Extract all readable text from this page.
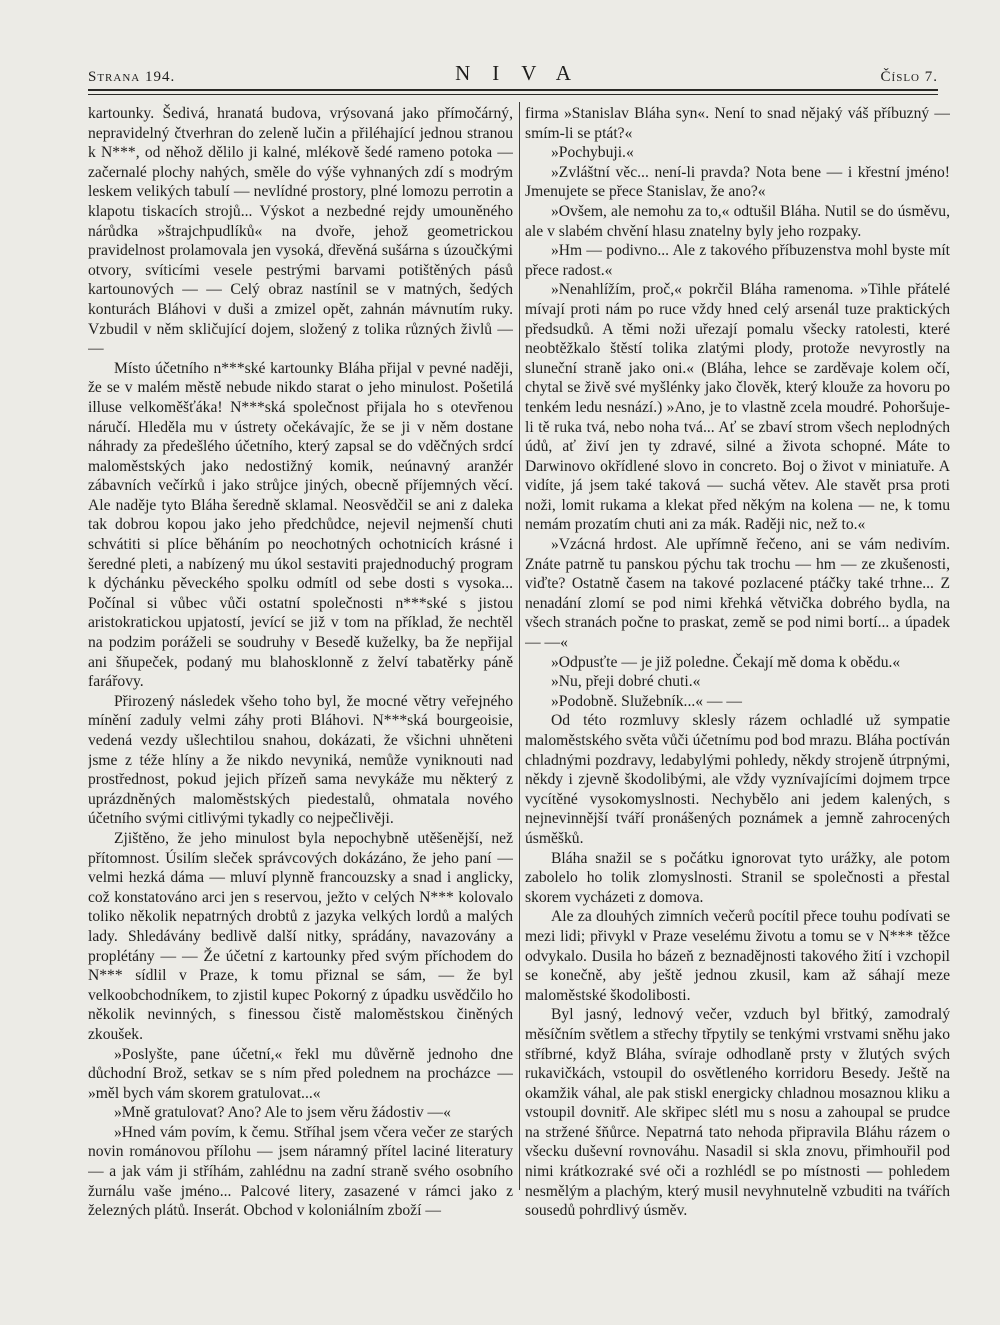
Strana 194.	NIVA	Číslo 7.

kartounky. Šedivá, hranatá budova, vrýsovaná jako přímočárný, nepravidelný čtverhran do zeleně lučin a přiléhající jednou stranou k N***, od něhož dělilo ji kalné, mlékově šedé rameno potoka — začernalé plochy nahých, směle do výše vyhnaných zdí s modrým leskem velikých tabulí — nevlídné prostory, plné lomozu perrotin a klapotu tiskacích strojů... Výskot a nezbedné rejdy umouněného nárůdka »štrajchpudlíků« na dvoře, jehož geometrickou pravidelnost prolamovala jen vysoká, dřevěná sušárna s úzoučkými otvory, svíticími vesele pestrými barvami potištěných pásů kartounových — — Celý obraz nastínil se v matných, šedých konturách Bláhovi v duši a zmizel opět, zahnán mávnutím ruky. Vzbudil v něm skličující dojem, složený z tolika různých živlů — —

Místo účetního n***ské kartounky Bláha přijal v pevné naději, že se v malém městě nebude nikdo starat o jeho minulost. Pošetilá illuse velkoměšťáka! N***ská společnost přijala ho s otevřenou náručí. Hleděla mu v ústrety očekávajíc, že se ji v něm dostane náhrady za předešlého účetního, který zapsal se do vděčných srdcí maloměstských jako nedostižný komik, neúnavný aranžér zábavních večírků i jako strůjce jiných, obecně příjemných věcí. Ale naděje tyto Bláha šeredně sklamal. Neosvědčil se ani z daleka tak dobrou kopou jako jeho předchůdce, nejevil nejmenší chuti schvátiti si plíce běháním po neochotných ochotnicích krásné i šeredné pleti, a nabízený mu úkol sestaviti prajednoduchý program k dýchánku pěveckého spolku odmítl od sebe dosti s vysoka... Počínal si vůbec vůči ostatní společnosti n***ské s jistou aristokratickou upjatostí, jevící se již v tom na příklad, že nechtěl na podzim poráželi se soudruhy v Besedě kuželky, ba že nepřijal ani šňupeček, podaný mu blahosklonně z želví tabatěrky páně farářovy.

Přirozený následek všeho toho byl, že mocné větry veřejného mínění zaduly velmi záhy proti Bláhovi. N***ská bourgeoisie, vedená vezdy ušlechtilou snahou, dokázati, že všichni uhněteni jsme z téže hlíny a že nikdo nevyniká, nemůže vyniknouti nad prostřednost, pokud jejich přízeň sama nevykáže mu některý z uprázdněných maloměstských piedestalů, ohmatala nového účetního svými citlivými tykadly co nejpečlivěji.

Zjištěno, že jeho minulost byla nepochybně utěšenější, než přítomnost. Úsilím sleček správcových dokázáno, že jeho paní — velmi hezká dáma — mluví plynně francouzsky a snad i anglicky, což konstatováno arci jen s reservou, ježto v celých N*** kolovalo toliko několik nepatrných drobtů z jazyka velkých lordů a malých lady. Shledávány bedlivě další nitky, sprádány, navazovány a proplétány — — Že účetní z kartounky před svým příchodem do N*** sídlil v Praze, k tomu přiznal se sám, — že byl velkoobchodníkem, to zjistil kupec Pokorný z úpadku usvědčilo ho několik nevinných, s finessou čistě maloměstskou činěných zkoušek.

»Poslyšte, pane účetní,« řekl mu důvěrně jednoho dne důchodní Brož, setkav se s ním před polednem na procházce — »měl bych vám skorem gratulovat...«

»Mně gratulovat? Ano? Ale to jsem věru žádostiv —«

»Hned vám povím, k čemu. Stříhal jsem včera večer ze starých novin románovou přílohu — jsem náramný přítel laciné literatury — a jak vám ji stříhám, zahlédnu na zadní straně svého osobního žurnálu vaše jméno... Palcové litery, zasazené v rámci jako z železných plátů. Inserát. Obchod v koloniálním zboží —

firma »Stanislav Bláha syn«. Není to snad nějaký váš příbuzný — smím-li se ptát?«

»Pochybuji.«

»Zvláštní věc... není-li pravda? Nota bene — i křestní jméno! Jmenujete se přece Stanislav, že ano?«

»Ovšem, ale nemohu za to,« odtušil Bláha. Nutil se do úsměvu, ale v slabém chvění hlasu znatelny byly jeho rozpaky.

»Hm — podivno... Ale z takového příbuzenstva mohl byste mít přece radost.«

»Nenahlížím, proč,« pokrčil Bláha ramenoma. »Tihle přátelé mívají proti nám po ruce vždy hned celý arsenál tuze praktických předsudků. A těmi noži uřezají pomalu všecky ratolesti, které neobtěžkalo štěstí tolika zlatými plody, protože nevyrostly na sluneční straně jako oni.« (Bláha, lehce se zarděvaje kolem očí, chytal se živě své myšlénky jako člověk, který klouže za hovoru po tenkém ledu nesnází.) »Ano, je to vlastně zcela moudré. Pohoršuje-li tě ruka tvá, nebo noha tvá... Ať se zbaví strom všech neplodných údů, ať živí jen ty zdravé, silné a života schopné. Máte to Darwinovo okřídlené slovo in concreto. Boj o život v miniatuře. A vidíte, já jsem také taková — suchá větev. Ale stavět prsa proti noži, lomit rukama a klekat před někým na kolena — ne, k tomu nemám prozatím chuti ani za mák. Raději nic, než to.«

»Vzácná hrdost. Ale upřímně řečeno, ani se vám nedivím. Znáte patrně tu panskou pýchu tak trochu — hm — ze zkušenosti, viďte? Ostatně časem na takové pozlacené ptáčky také trhne... Z nenadání zlomí se pod nimi křehká větvička dobrého bydla, na všech stranách počne to praskat, země se pod nimi bortí... a úpadek — —«

»Odpusťte — je již poledne. Čekají mě doma k obědu.«

»Nu, přeji dobré chuti.«

»Podobně. Služebník...« — —

Od této rozmluvy sklesly rázem ochladlé už sympatie maloměstského světa vůči účetnímu pod bod mrazu. Bláha poctíván chladnými pozdravy, ledabylými pohledy, někdy strojeně útrpnými, někdy i zjevně škodolibými, ale vždy vyznívajícími dojmem trpce vycítěné vysokomyslnosti. Nechybělo ani jedem kalených, s nejnevinnější tváří pronášených poznámek a jemně zahrocených úsměšků.

Bláha snažil se s počátku ignorovat tyto urážky, ale potom zabolelo ho tolik zlomyslnosti. Stranil se společnosti a přestal skorem vycházeti z domova.

Ale za dlouhých zimních večerů pocítil přece touhu podívati se mezi lidi; přivykl v Praze veselému životu a tomu se v N*** těžce odvykalo. Dusila ho bázeň z beznadějnosti takového žití i vzchopil se konečně, aby ještě jednou zkusil, kam až sáhají meze maloměstské škodolibosti.

Byl jasný, lednový večer, vzduch byl břitký, zamodralý měsíčním světlem a střechy třpytily se tenkými vrstvami sněhu jako stříbrné, když Bláha, svíraje odhodlaně prsty v žlutých svých rukavičkách, vstoupil do osvětleného korridoru Besedy. Ještě na okamžik váhal, ale pak stiskl energicky chladnou mosaznou kliku a vstoupil dovnitř. Ale skřipec slétl mu s nosu a zahoupal se prudce na stržené šňůrce. Nepatrná tato nehoda připravila Bláhu rázem o všecku duševní rovnováhu. Nasadil si skla znovu, přimhouřil pod nimi krátkozraké své oči a rozhlédl se po místnosti — pohledem nesmělým a plachým, který musil nevyhnutelně vzbuditi na tvářích sousedů pohrdlivý úsměv.
